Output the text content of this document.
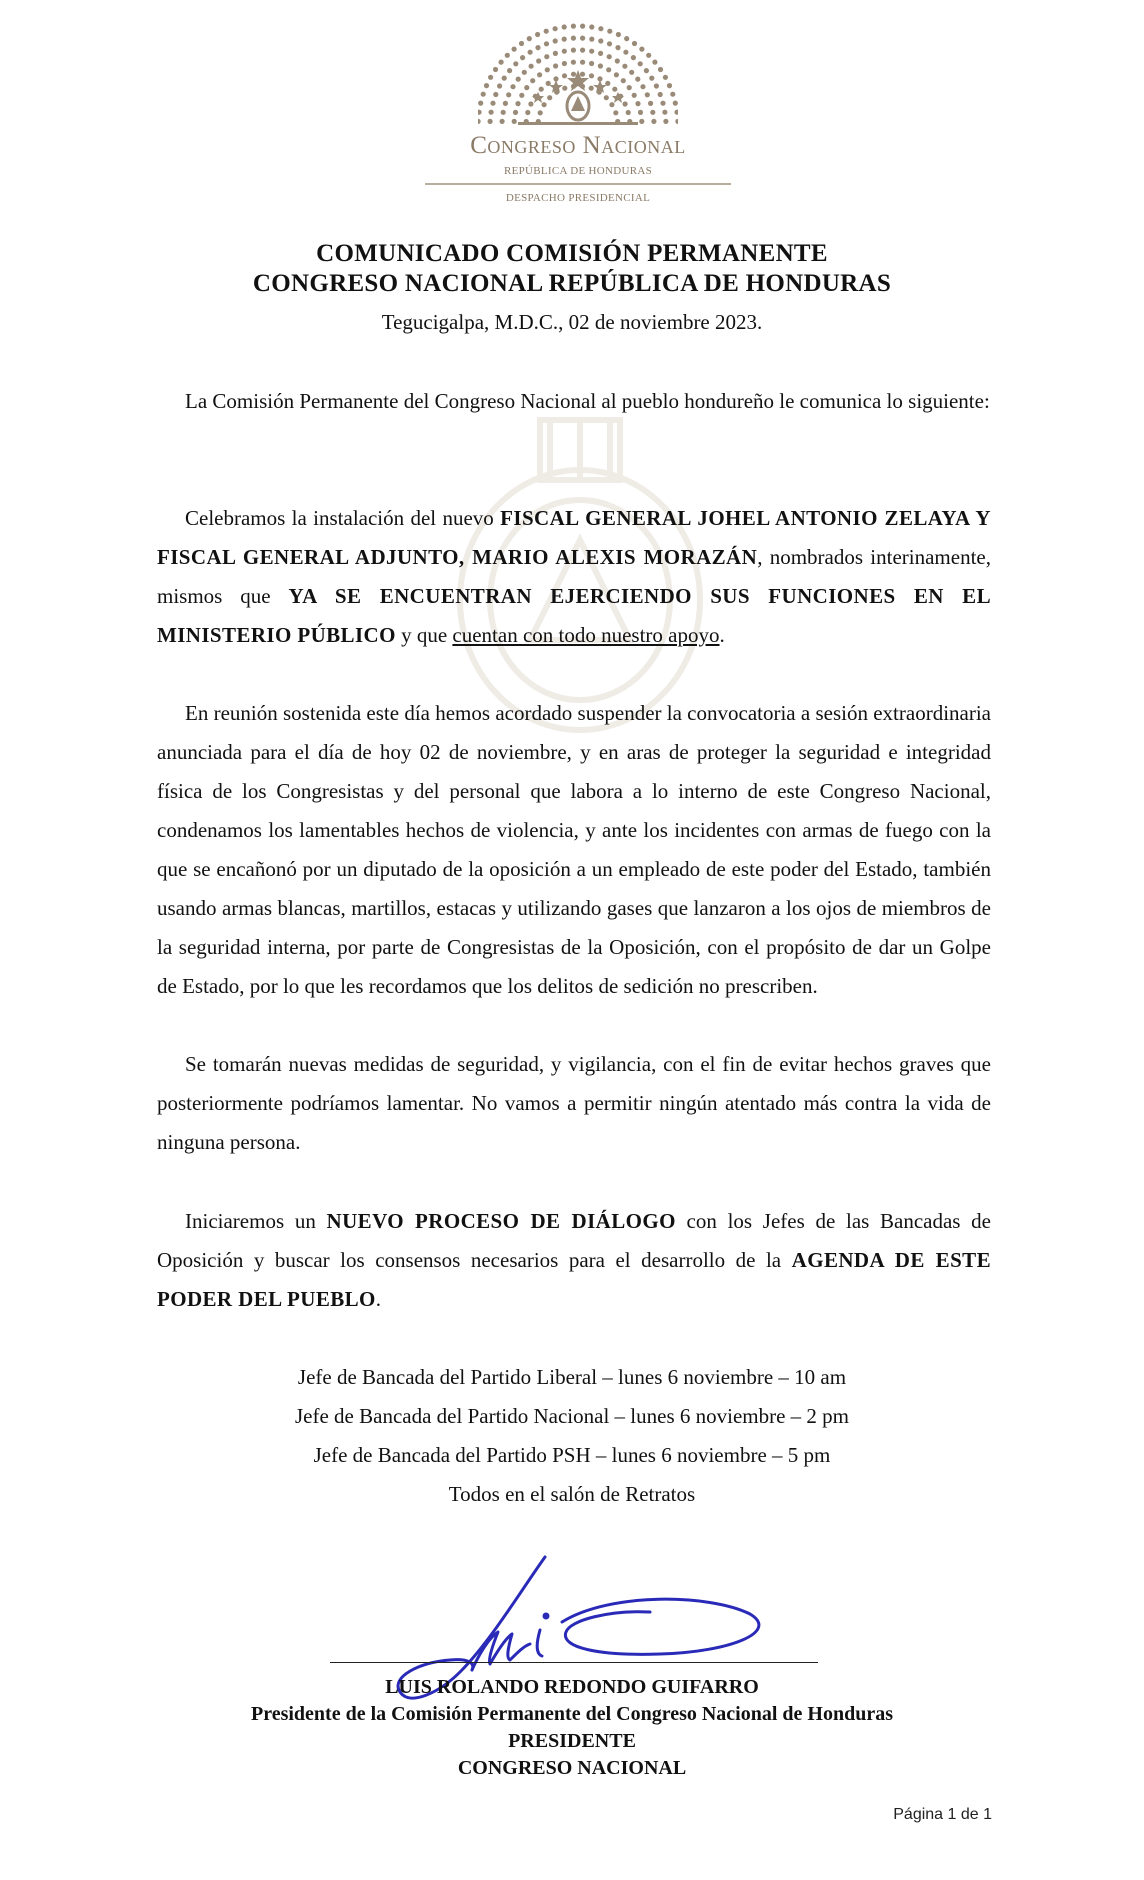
Congreso Nacional
REPÚBLICA DE HONDURAS
DESPACHO PRESIDENCIAL
COMUNICADO COMISIÓN PERMANENTE
CONGRESO NACIONAL REPÚBLICA DE HONDURAS
Tegucigalpa, M.D.C., 02 de noviembre 2023.
La Comisión Permanente del Congreso Nacional al pueblo hondureño le comunica lo siguiente:
Celebramos la instalación del nuevo FISCAL GENERAL JOHEL ANTONIO ZELAYA Y FISCAL GENERAL ADJUNTO, MARIO ALEXIS MORAZÁN, nombrados interinamente, mismos que YA SE ENCUENTRAN EJERCIENDO SUS FUNCIONES EN EL MINISTERIO PÚBLICO y que cuentan con todo nuestro apoyo.
En reunión sostenida este día hemos acordado suspender la convocatoria a sesión extraordinaria anunciada para el día de hoy 02 de noviembre, y en aras de proteger la seguridad e integridad física de los Congresistas y del personal que labora a lo interno de este Congreso Nacional, condenamos los lamentables hechos de violencia, y ante los incidentes con armas de fuego con la que se encañonó por un diputado de la oposición a un empleado de este poder del Estado, también usando armas blancas, martillos, estacas y utilizando gases que lanzaron a los ojos de miembros de la seguridad interna, por parte de Congresistas de la Oposición, con el propósito de dar un Golpe de Estado, por lo que les recordamos que los delitos de sedición no prescriben.
Se tomarán nuevas medidas de seguridad, y vigilancia, con el fin de evitar hechos graves que posteriormente podríamos lamentar. No vamos a permitir ningún atentado más contra la vida de ninguna persona.
Iniciaremos un NUEVO PROCESO DE DIÁLOGO con los Jefes de las Bancadas de Oposición y buscar los consensos necesarios para el desarrollo de la AGENDA DE ESTE PODER DEL PUEBLO.
Jefe de Bancada del Partido Liberal – lunes 6 noviembre – 10 am
Jefe de Bancada del Partido Nacional – lunes 6 noviembre – 2 pm
Jefe de Bancada del Partido PSH – lunes 6 noviembre – 5 pm
Todos en el salón de Retratos
LUIS ROLANDO REDONDO GUIFARRO
Presidente de la Comisión Permanente del Congreso Nacional de Honduras
PRESIDENTE
CONGRESO NACIONAL
Página 1 de 1
